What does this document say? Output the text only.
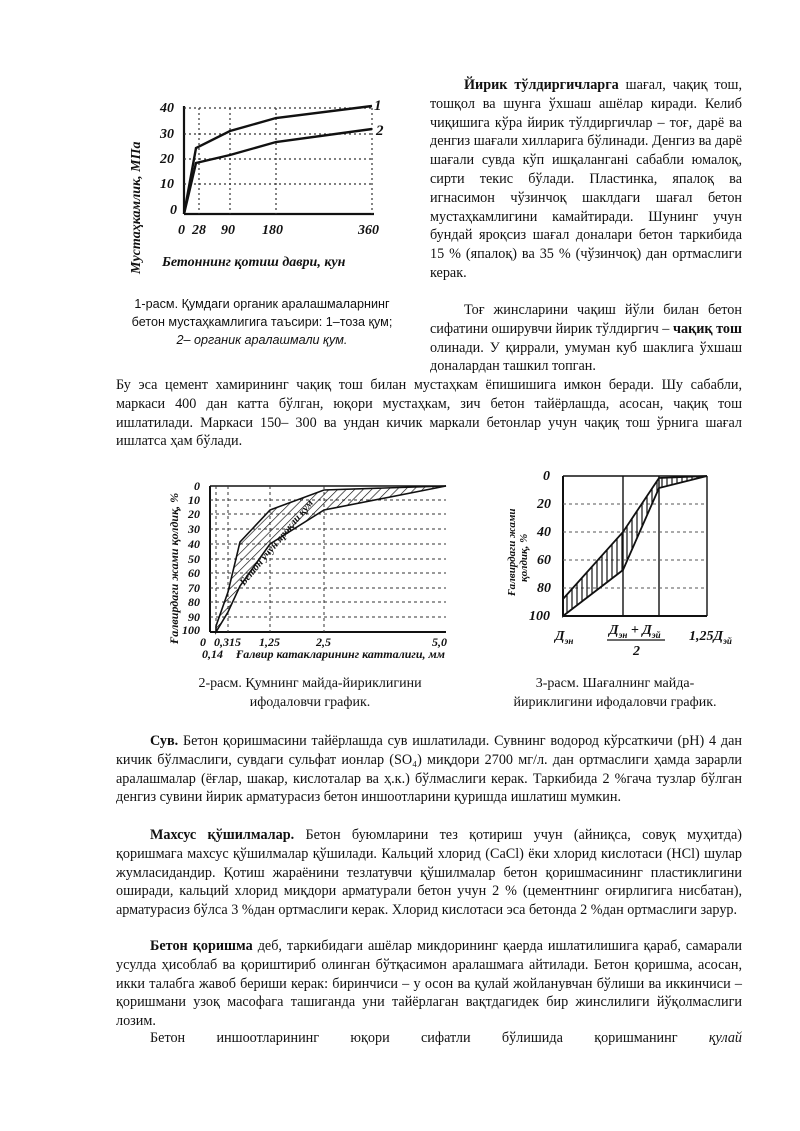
40
30
20
10
0
0 28 90 180	360
1
2
Мустаҳкамлик, МПа Бетоннинг қотиш даври, кун
1-расм. Қумдаги органик аралашмаларнинг
бетон мустаҳкамлигига таъсири: 1–тоза қум;
2– органик аралашмали қум.
Йирик тўлдиргичларга шағал, чақиқ тош, тошқол ва шунга ўхшаш ашёлар киради. Келиб чиқишига кўра йирик тўлдиргичлар – тоғ, дарё ва денгиз шағали хилларига бўлинади. Денгиз ва дарё шағали сувда кўп ишқаланганi сабабли юмалоқ, сирти текис бўлади. Пластинка, япалоқ ва игнасимон чўзинчоқ шаклдаги шағал бетон мустаҳкамлигини камайтиради. Шунинг учун бундай яроқсиз шағал доналари бетон таркибида 15 % (япалоқ) ва 35 % (чўзинчоқ) дан ортмаслиги керак.
Тоғ жинсларини чақиш йўли билан бетон сифатини оширувчи йирик тўлдиргич – чақиқ тош олинади. У қиррали, умуман куб шаклига ўхшаш доналардан ташкил топган.
Бу эса цемент хамирининг чақиқ тош билан мустаҳкам ёпишишига имкон беради. Шу сабабли, маркаси 400 дан катта бўлган, юқори мустаҳкам, зич бетон тайёрлашда, асосан, чақиқ тош ишлатилади. Маркаси 150– 300 ва ундан кичик маркали бетонлар учун чақиқ тош ўрнига шағал ишлатса ҳам бўлади.
0
10
20
30
40
50
60
70
80
90
100
0 0,315 1,25	2,5	5,0
0,14
Бетон учун яроқли қум
Ғалвирдаги жами қолдиқ, %
Ғалвир катакларининг катталиги, мм
2-расм. Қумнинг майда-йириклигини
ифодаловчи график.
0
20
40
60
80
100
Ғалвирдаги жами қолдиқ, %
$Д_{эн}$
$Д_{эн} + Д_{эй}$
2
$1,25Д_{эй}$
3-расм. Шағалнинг майда-
йириклигини ифодаловчи график.
Сув. Бетон қоришмасини тайёрлашда сув ишлатилади. Сувнинг водород кўрсаткичи (pH) 4 дан кичик бўлмаслиги, сувдаги сульфат ионлар (SO₄) миқдори 2700 мг/л. дан ортмаслиги ҳамда зарарли аралашмалар (ёғлар, шакар, кислоталар ва ҳ.к.) бўлмаслиги керак. Таркибида 2 %гача тузлар бўлган денгиз сувини йирик арматурасиз бетон иншоотларини қуришда ишлатиш мумкин.
Махсус қўшилмалар. Бетон буюмларини тез қотириш учун (айниқса, совуқ муҳитда) қоришмага махсус қўшилмалар қўшилади. Кальций хлорид (CaCl) ёки хлорид кислотаси (HCl) шулар жумласидандир. Қотиш жараёнини тезлатувчи қўшилмалар бетон қоришмасининг пластиклигини оширади, кальций хлорид миқдори арматурали бетон учун 2 % (цементнинг оғирлигига нисбатан), арматурасиз бўлса 3 %дан ортмаслиги керак. Хлорид кислотаси эса бетонда 2 %дан ортмаслиги зарур.
Бетон қоришма деб, таркибидаги ашёлар микдорининг қаерда ишлатилишига қараб, самарали усулда ҳисоблаб ва қориштириб олинган бўтқасимон аралашмага айтилади. Бетон қоришма, асосан, икки талабга жавоб бериши керак: биринчиси – у осон ва қулай жойланувчан бўлиши ва иккинчиси – қоришмани узоқ масофага ташиганда уни тайёрлаган вақтдагидек бир жинслилиги йўқолмаслиги лозим.
Бетон иншоотларининг юқори сифатли бўлишида қоришманинг қулай
